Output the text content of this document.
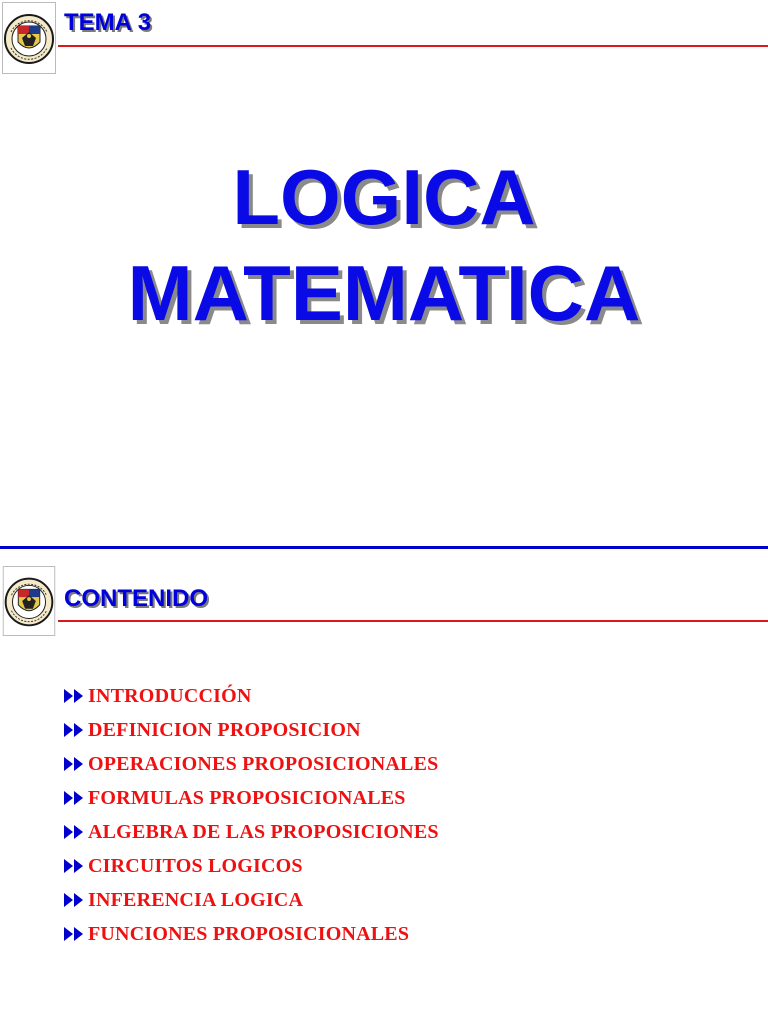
TEMA 3
LOGICA
MATEMATICA
CONTENIDO
INTRODUCCIÓN
DEFINICION PROPOSICION
OPERACIONES PROPOSICIONALES
FORMULAS PROPOSICIONALES
ALGEBRA DE LAS PROPOSICIONES
CIRCUITOS LOGICOS
INFERENCIA LOGICA
FUNCIONES PROPOSICIONALES
